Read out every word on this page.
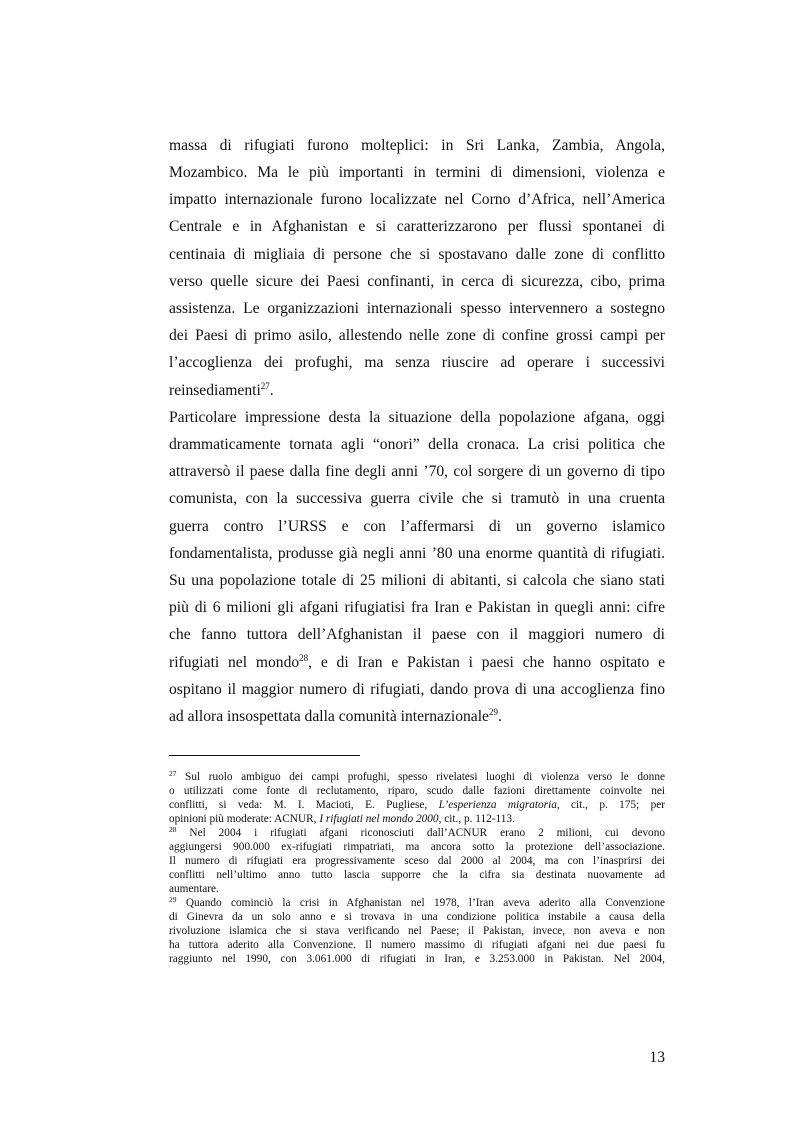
massa di rifugiati furono molteplici: in Sri Lanka, Zambia, Angola,
Mozambico. Ma le più importanti in termini di dimensioni, violenza e
impatto internazionale furono localizzate nel Corno d’Africa, nell’America
Centrale e in Afghanistan e si caratterizzarono per flussi spontanei di
centinaia di migliaia di persone che si spostavano dalle zone di conflitto
verso quelle sicure dei Paesi confinanti, in cerca di sicurezza, cibo, prima
assistenza. Le organizzazioni internazionali spesso intervennero a sostegno
dei Paesi di primo asilo, allestendo nelle zone di confine grossi campi per
l’accoglienza dei profughi, ma senza riuscire ad operare i successivi
reinsediamenti$^{27}$.
Particolare impressione desta la situazione della popolazione afgana, oggi
drammaticamente tornata agli “onori” della cronaca. La crisi politica che
attraversò il paese dalla fine degli anni ’70, col sorgere di un governo di tipo
comunista, con la successiva guerra civile che si tramutò in una cruenta
guerra contro l’URSS e con l’affermarsi di un governo islamico
fondamentalista, produsse già negli anni ’80 una enorme quantità di rifugiati.
Su una popolazione totale di 25 milioni di abitanti, si calcola che siano stati
più di 6 milioni gli afgani rifugiatisi fra Iran e Pakistan in quegli anni: cifre
che fanno tuttora dell’Afghanistan il paese con il maggiori numero di
rifugiati nel mondo$^{28}$, e di Iran e Pakistan i paesi che hanno ospitato e
ospitano il maggior numero di rifugiati, dando prova di una accoglienza fino
ad allora insospettata dalla comunità internazionale$^{29}$.
$^{27}$ Sul ruolo ambiguo dei campi profughi, spesso rivelatesi luoghi di violenza verso le donne
o utilizzati come fonte di reclutamento, riparo, scudo dalle fazioni direttamente coinvolte nei
conflitti, si veda: M. I. Macioti, E. Pugliese, L’esperienza migratoria, cit., p. 175; per
opinioni più moderate: ACNUR, I rifugiati nel mondo 2000, cit., p. 112-113.
$^{28}$ Nel 2004 i rifugiati afgani riconosciuti dall’ACNUR erano 2 milioni, cui devono
aggiungersi 900.000 ex-rifugiati rimpatriati, ma ancora sotto la protezione dell’associazione.
Il numero di rifugiati era progressivamente sceso dal 2000 al 2004, ma con l’inasprirsi dei
conflitti nell’ultimo anno tutto lascia supporre che la cifra sia destinata nuovamente ad
aumentare.
$^{29}$ Quando cominciò la crisi in Afghanistan nel 1978, l’Iran aveva aderito alla Convenzione
di Ginevra da un solo anno e si trovava in una condizione politica instabile a causa della
rivoluzione islamica che si stava verificando nel Paese; il Pakistan, invece, non aveva e non
ha tuttora aderito alla Convenzione. Il numero massimo di rifugiati afgani nei due paesi fu
raggiunto nel 1990, con 3.061.000 di rifugiati in Iran, e 3.253.000 in Pakistan. Nel 2004,
13
